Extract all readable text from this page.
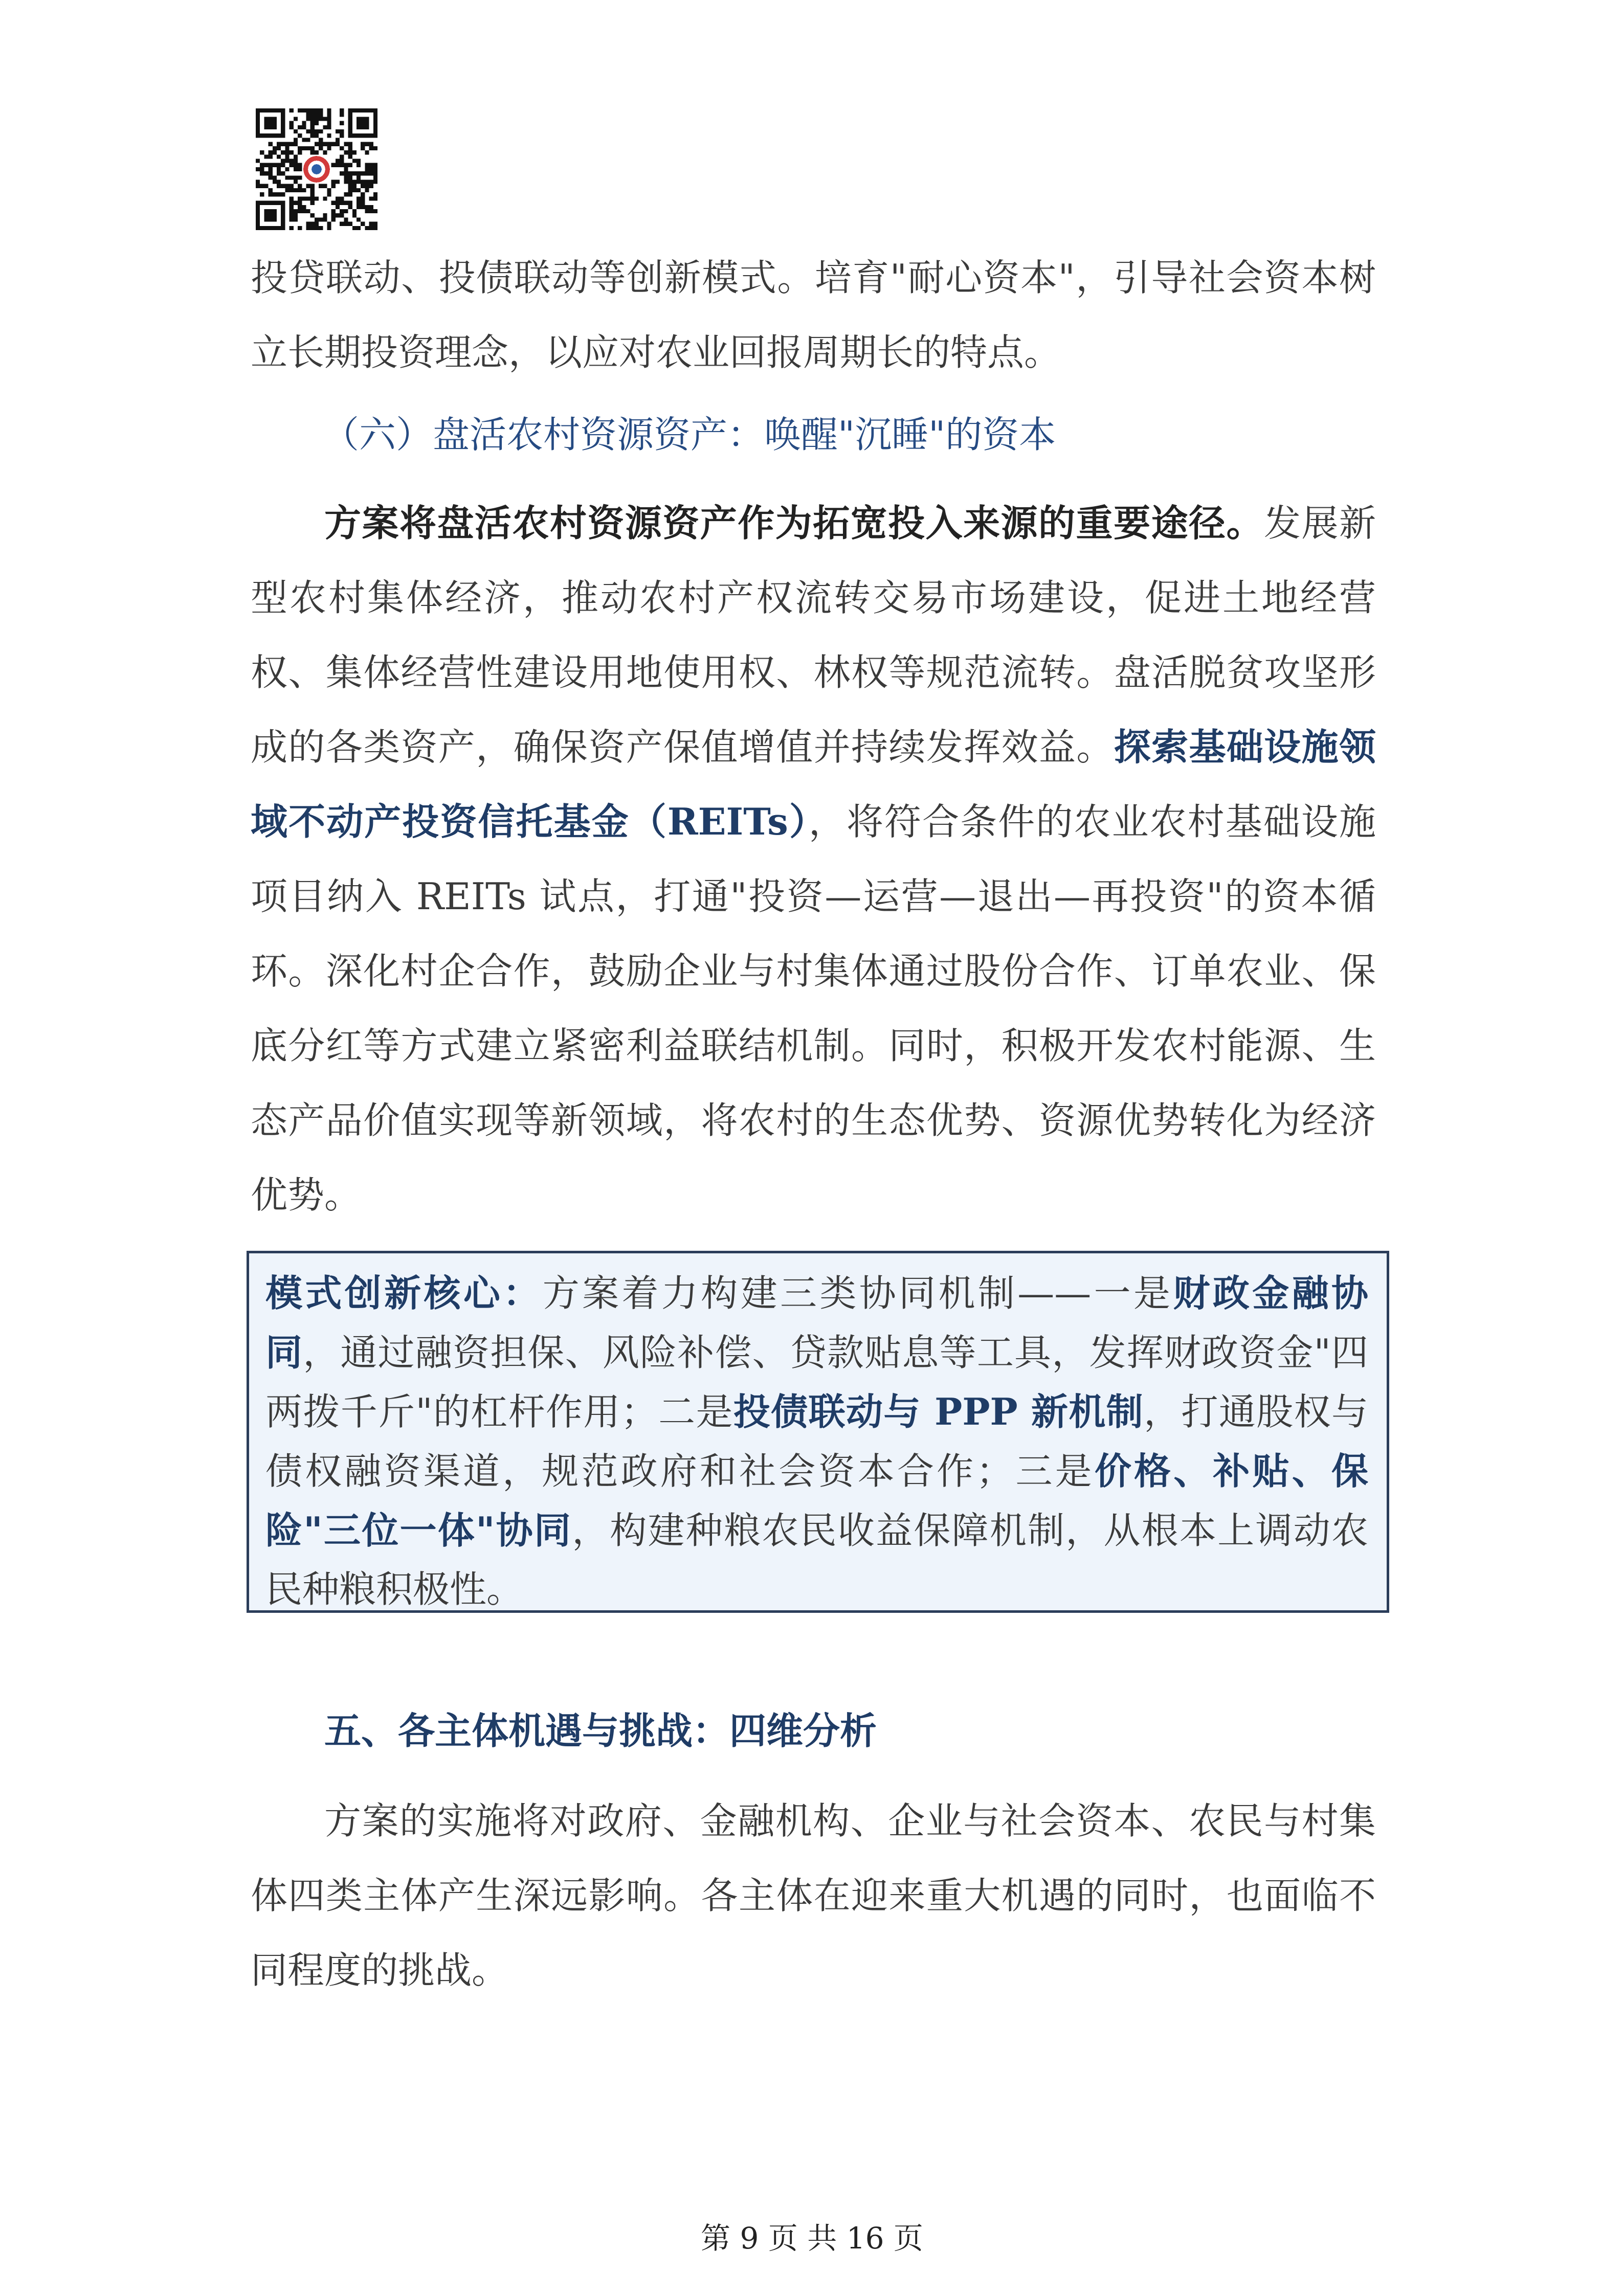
投贷联动、投债联动等创新模式。培育"耐心资本"，引导社会资本树立长期投资理念，以应对农业回报周期长的特点。

（六）盘活农村资源资产：唤醒"沉睡"的资本

方案将盘活农村资源资产作为拓宽投入来源的重要途径。发展新型农村集体经济，推动农村产权流转交易市场建设，促进土地经营权、集体经营性建设用地使用权、林权等规范流转。盘活脱贫攻坚形成的各类资产，确保资产保值增值并持续发挥效益。探索基础设施领域不动产投资信托基金（REITs），将符合条件的农业农村基础设施项目纳入 REITs 试点，打通"投资—运营—退出—再投资"的资本循环。深化村企合作，鼓励企业与村集体通过股份合作、订单农业、保底分红等方式建立紧密利益联结机制。同时，积极开发农村能源、生态产品价值实现等新领域，将农村的生态优势、资源优势转化为经济优势。

模式创新核心：方案着力构建三类协同机制——一是财政金融协同，通过融资担保、风险补偿、贷款贴息等工具，发挥财政资金"四两拨千斤"的杠杆作用；二是投债联动与 PPP 新机制，打通股权与债权融资渠道，规范政府和社会资本合作；三是价格、补贴、保险"三位一体"协同，构建种粮农民收益保障机制，从根本上调动农民种粮积极性。

五、各主体机遇与挑战：四维分析

方案的实施将对政府、金融机构、企业与社会资本、农民与村集体四类主体产生深远影响。各主体在迎来重大机遇的同时，也面临不同程度的挑战。

第 9 页 共 16 页
